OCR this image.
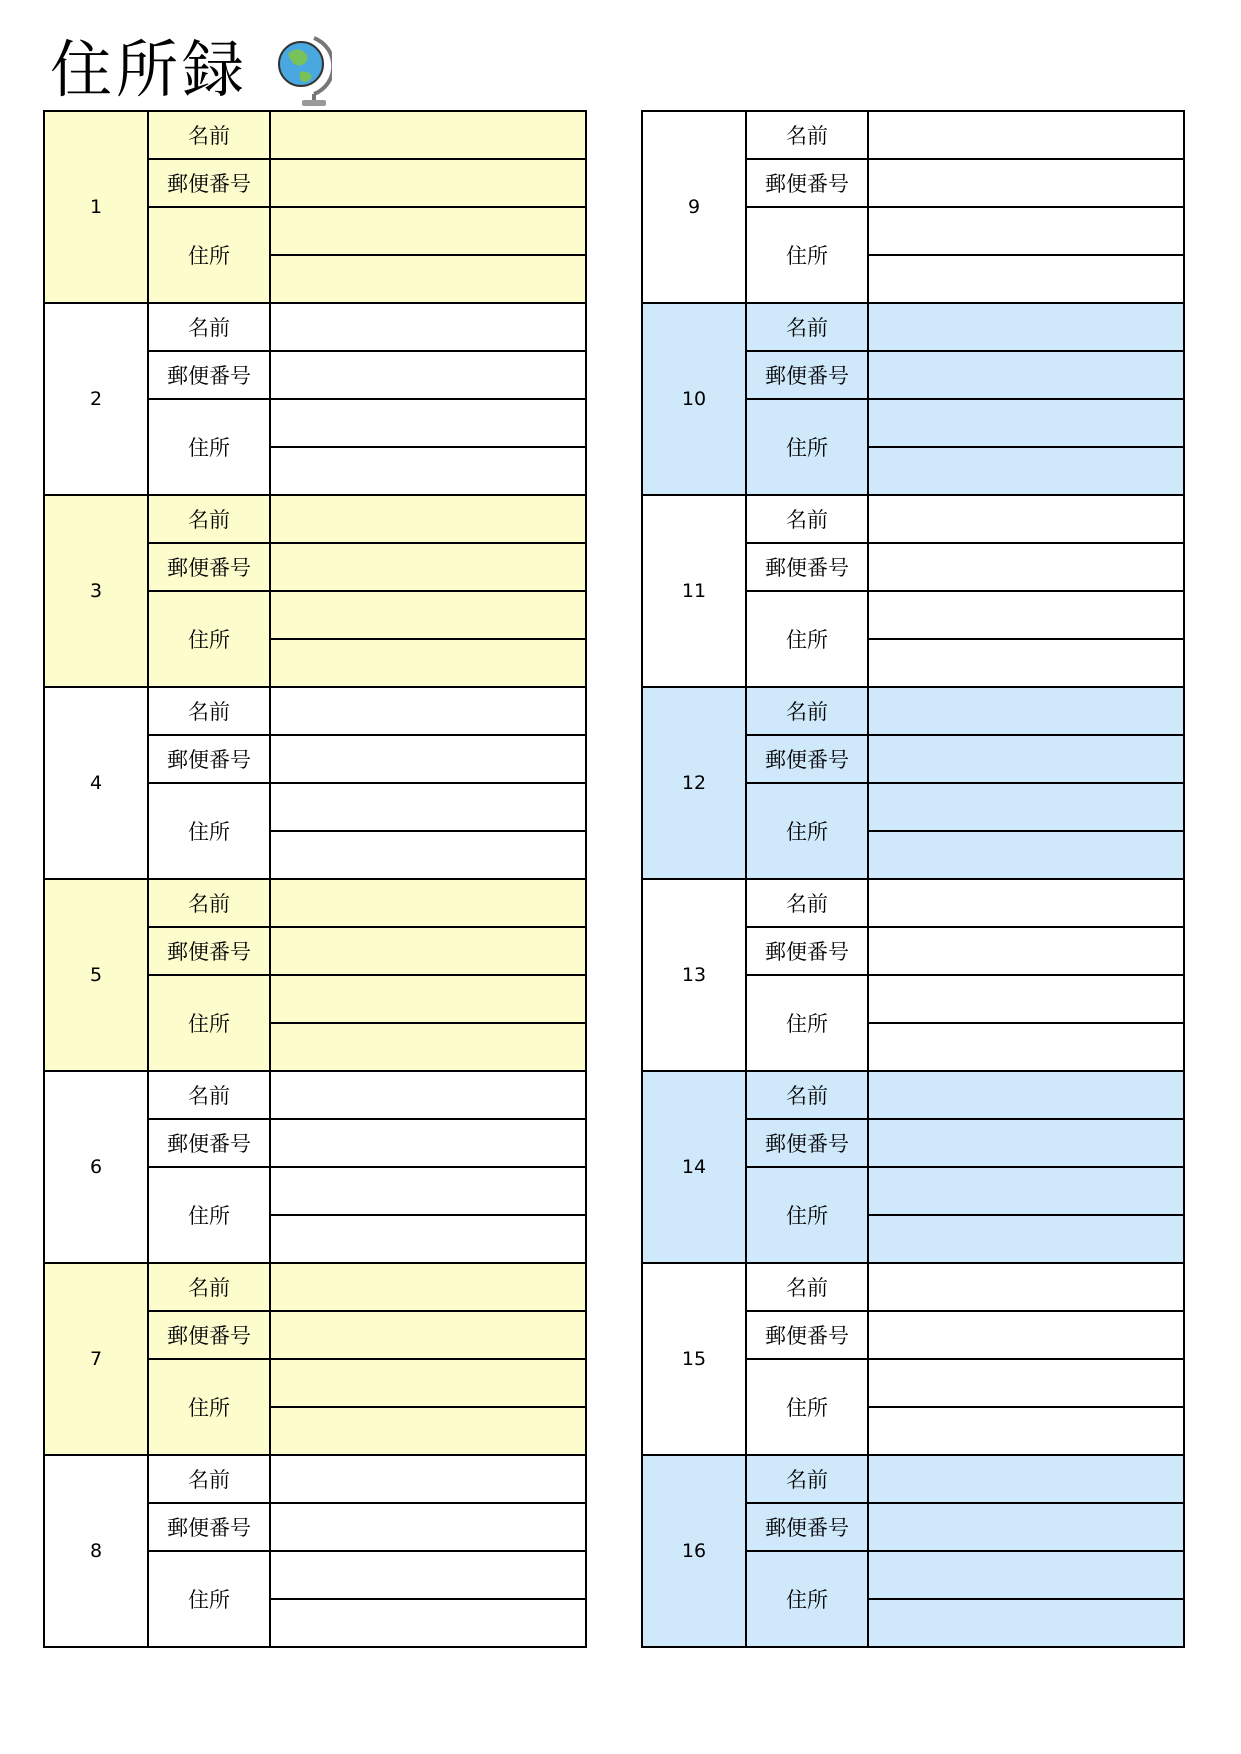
住所録
1	名前	
	郵便番号	
	住所	

2	名前	
	郵便番号	
	住所	

3	名前	
	郵便番号	
	住所	

4	名前	
	郵便番号	
	住所	

5	名前	
	郵便番号	
	住所	

6	名前	
	郵便番号	
	住所	

7	名前	
	郵便番号	
	住所	

8	名前	
	郵便番号	
	住所	

9	名前	
	郵便番号	
	住所	

10	名前	
	郵便番号	
	住所	

11	名前	
	郵便番号	
	住所	

12	名前	
	郵便番号	
	住所	

13	名前	
	郵便番号	
	住所	

14	名前	
	郵便番号	
	住所	

15	名前	
	郵便番号	
	住所	

16	名前	
	郵便番号	
	住所	
